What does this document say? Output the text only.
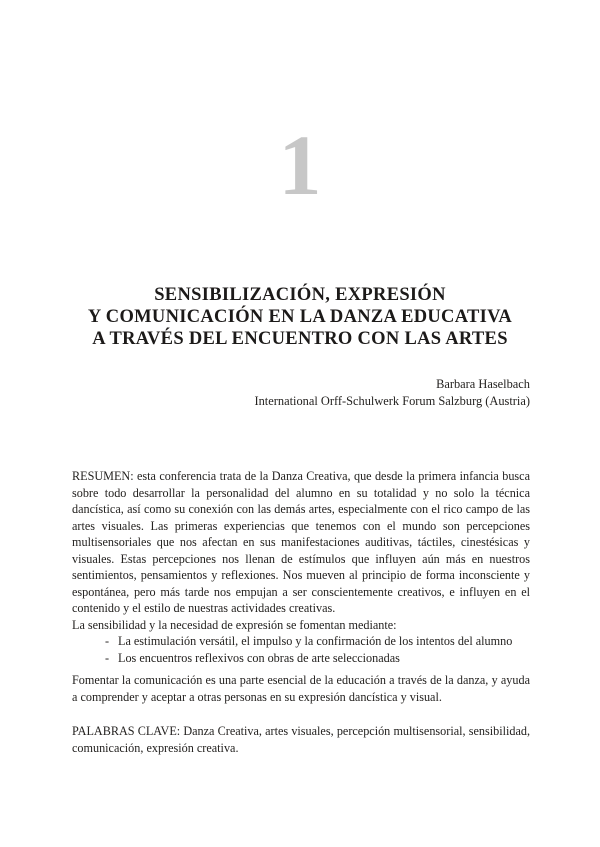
1
SENSIBILIZACIÓN, EXPRESIÓN
Y COMUNICACIÓN EN LA DANZA EDUCATIVA
A TRAVÉS DEL ENCUENTRO CON LAS ARTES
Barbara Haselbach
International Orff-Schulwerk Forum Salzburg (Austria)

RESUMEN: esta conferencia trata de la Danza Creativa, que desde la primera infancia busca sobre todo desarrollar la personalidad del alumno en su totalidad y no solo la técnica dancística, así como su conexión con las demás artes, especialmente con el rico campo de las artes visuales. Las primeras experiencias que tenemos con el mundo son percepciones multisensoriales que nos afectan en sus manifestaciones auditivas, táctiles, cinestésicas y visuales. Estas percepciones nos llenan de estímulos que influyen aún más en nuestros sentimientos, pensamientos y reflexiones. Nos mueven al principio de forma inconsciente y espontánea, pero más tarde nos empujan a ser conscientemente creativos, e influyen en el contenido y el estilo de nuestras actividades creativas.

La sensibilidad y la necesidad de expresión se fomentan mediante:

- La estimulación versátil, el impulso y la confirmación de los intentos del alumno
- Los encuentros reflexivos con obras de arte seleccionadas

Fomentar la comunicación es una parte esencial de la educación a través de la danza, y ayuda a comprender y aceptar a otras personas en su expresión dancística y visual.

PALABRAS CLAVE: Danza Creativa, artes visuales, percepción multisensorial, sensibilidad, comunicación, expresión creativa.
